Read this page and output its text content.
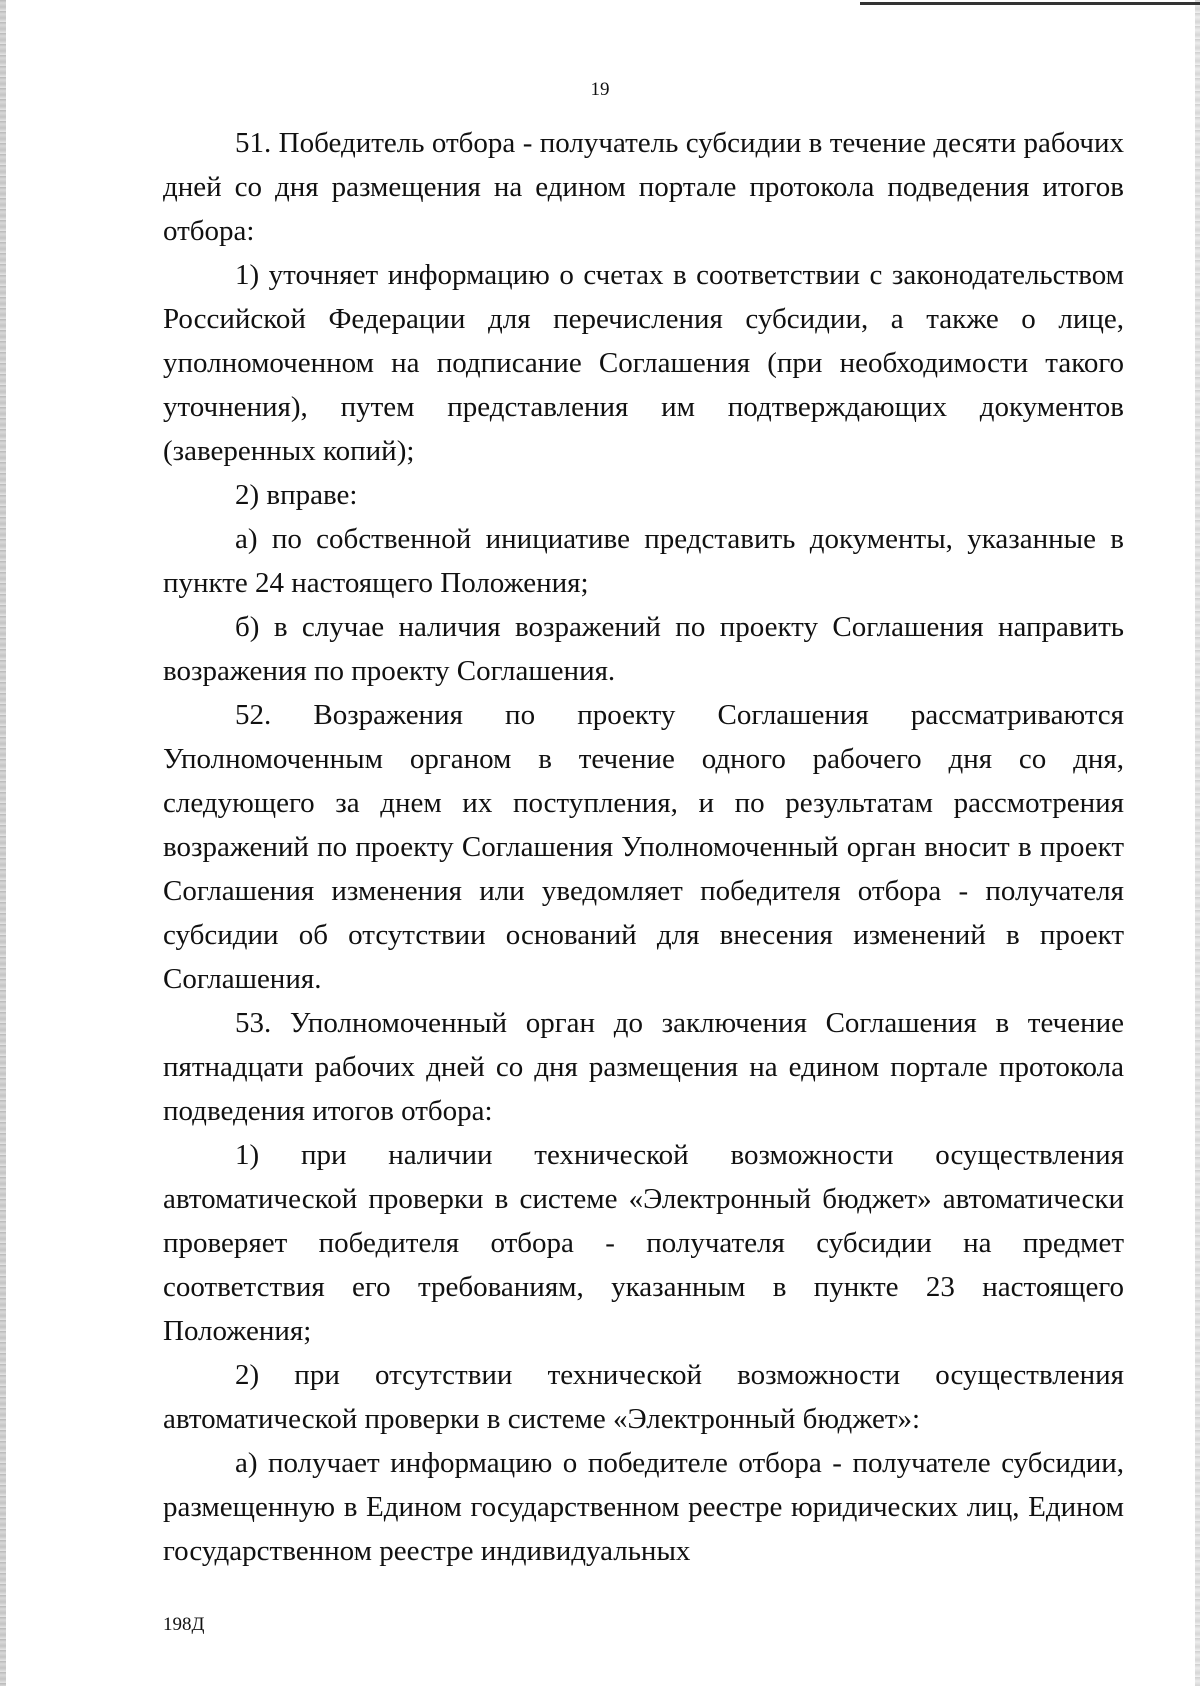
19

51. Победитель отбора - получатель субсидии в течение десяти рабочих дней со дня размещения на едином портале протокола подведения итогов отбора:

1) уточняет информацию о счетах в соответствии с законодательством Российской Федерации для перечисления субсидии, а также о лице, уполномоченном на подписание Соглашения (при необходимости такого уточнения), путем представления им подтверждающих документов (заверенных копий);

2) вправе:

а) по собственной инициативе представить документы, указанные в пункте 24 настоящего Положения;

б) в случае наличия возражений по проекту Соглашения направить возражения по проекту Соглашения.

52. Возражения по проекту Соглашения рассматриваются Уполномоченным органом в течение одного рабочего дня со дня, следующего за днем их поступления, и по результатам рассмотрения возражений по проекту Соглашения Уполномоченный орган вносит в проект Соглашения изменения или уведомляет победителя отбора - получателя субсидии об отсутствии оснований для внесения изменений в проект Соглашения.

53. Уполномоченный орган до заключения Соглашения в течение пятнадцати рабочих дней со дня размещения на едином портале протокола подведения итогов отбора:

1) при наличии технической возможности осуществления автоматической проверки в системе «Электронный бюджет» автоматически проверяет победителя отбора - получателя субсидии на предмет соответствия его требованиям, указанным в пункте 23 настоящего Положения;

2) при отсутствии технической возможности осуществления автоматической проверки в системе «Электронный бюджет»:

а) получает информацию о победителе отбора - получателе субсидии, размещенную в Едином государственном реестре юридических лиц, Едином государственном реестре индивидуальных

198Д
